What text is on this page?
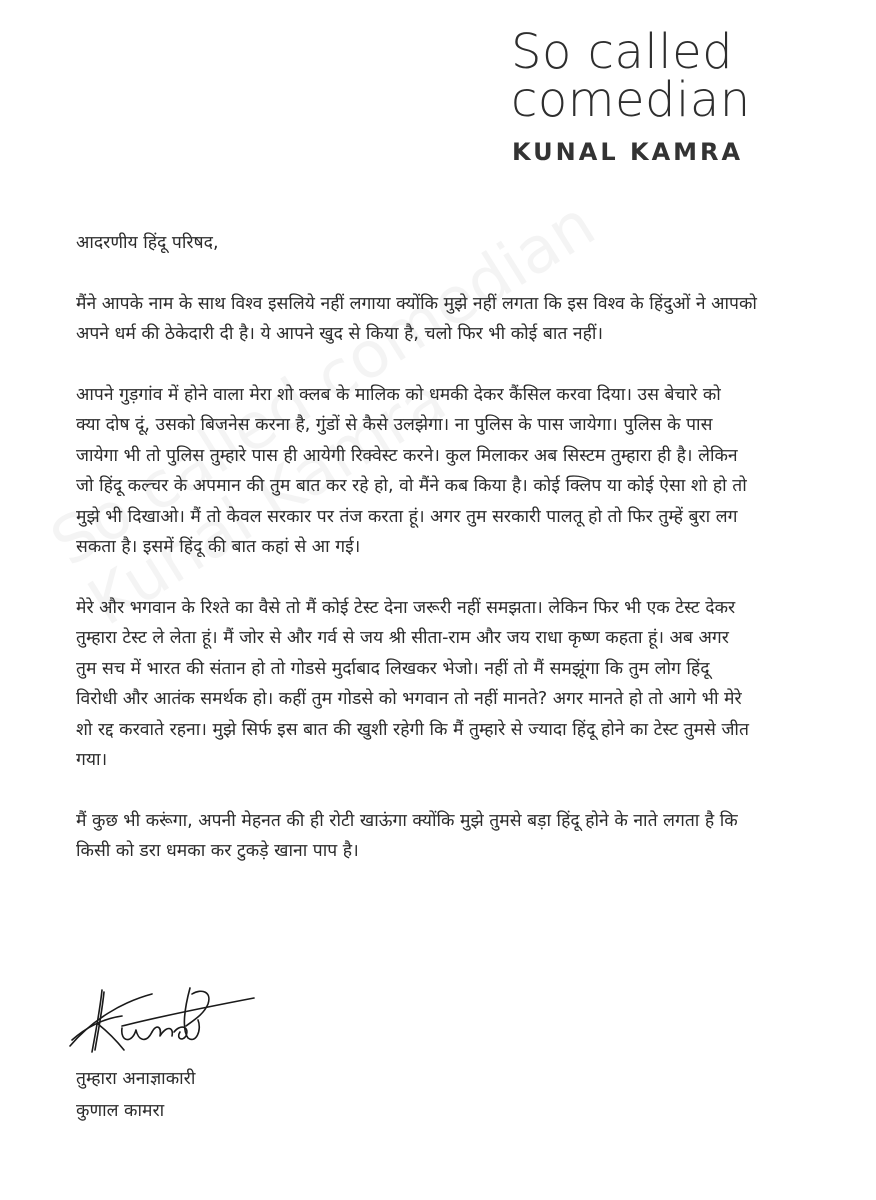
So called
comedian
KUNAL KAMRA
आदरणीय हिंदू परिषद,

मैंने आपके नाम के साथ विश्व इसलिये नहीं लगाया क्योंकि मुझे नहीं लगता कि इस विश्व के हिंदुओं ने आपको

अपने धर्म की ठेकेदारी दी है। ये आपने खुद से किया है, चलो फिर भी कोई बात नहीं।

आपने गुड़गांव में होने वाला मेरा शो क्लब के मालिक को धमकी देकर कैंसिल करवा दिया। उस बेचारे को

क्या दोष दूं, उसको बिजनेस करना है, गुंडों से कैसे उलझेगा। ना पुलिस के पास जायेगा। पुलिस के पास

जायेगा भी तो पुलिस तुम्हारे पास ही आयेगी रिक्वेस्ट करने। कुल मिलाकर अब सिस्टम तुम्हारा ही है। लेकिन

जो हिंदू कल्चर के अपमान की तुम बात कर रहे हो, वो मैंने कब किया है। कोई क्लिप या कोई ऐसा शो हो तो

मुझे भी दिखाओ। मैं तो केवल सरकार पर तंज करता हूं। अगर तुम सरकारी पालतू हो तो फिर तुम्हें बुरा लग

सकता है। इसमें हिंदू की बात कहां से आ गई।

मेरे और भगवान के रिश्ते का वैसे तो मैं कोई टेस्ट देना जरूरी नहीं समझता। लेकिन फिर भी एक टेस्ट देकर

तुम्हारा टेस्ट ले लेता हूं। मैं जोर से और गर्व से जय श्री सीता-राम और जय राधा कृष्ण कहता हूं। अब अगर

तुम सच में भारत की संतान हो तो गोडसे मुर्दाबाद लिखकर भेजो। नहीं तो मैं समझूंगा कि तुम लोग हिंदू

विरोधी और आतंक समर्थक हो। कहीं तुम गोडसे को भगवान तो नहीं मानते? अगर मानते हो तो आगे भी मेरे

शो रद्द करवाते रहना। मुझे सिर्फ इस बात की खुशी रहेगी कि मैं तुम्हारे से ज्यादा हिंदू होने का टेस्ट तुमसे जीत

गया।

मैं कुछ भी करूंगा, अपनी मेहनत की ही रोटी खाऊंगा क्योंकि मुझे तुमसे बड़ा हिंदू होने के नाते लगता है कि

किसी को डरा धमका कर टुकड़े खाना पाप है।

तुम्हारा अनाज्ञाकारी
कुणाल कामरा
